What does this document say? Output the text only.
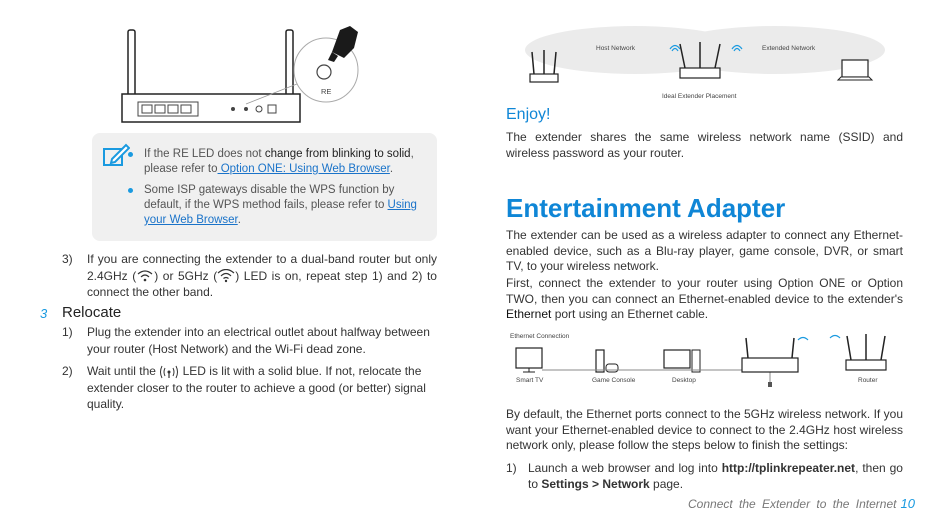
RE
If the RE LED does not change from blinking to solid, please refer to Option ONE: Using Web Browser.
Some ISP gateways disable the WPS function by default, if the WPS method fails, please refer to Using your Web Browser.
3) If you are connecting the extender to a dual-band router but only 2.4GHz ( ) or 5GHz ( ) LED is on, repeat step 1) and 2) to connect the other band.
3 Relocate
1) Plug the extender into an electrical outlet about halfway between your router (Host Network) and the Wi-Fi dead zone.
2) Wait until the  LED is lit with a solid blue. If not, relocate the extender closer to the router to achieve a good (or better) signal quality.
Host Network	Extended Network
Ideal Extender Placement
Enjoy!

The extender shares the same wireless network name (SSID) and wireless password as your router.

Entertainment Adapter

The extender can be used as a wireless adapter to connect any Ethernet-enabled device, such as a Blu-ray player, game console, DVR, or smart TV, to your wireless network.

First, connect the extender to your router using Option ONE or Option TWO, then you can connect an Ethernet-enabled device to the extender's Ethernet port using an Ethernet cable.

Ethernet Connection
Smart TV	Game Console	Desktop	Router

By default, the Ethernet ports connect to the 5GHz wireless network. If you want your Ethernet-enabled device to connect to the 2.4GHz host wireless network only, please follow the steps below to finish the settings:

1) Launch a web browser and log into http://tplinkrepeater.net, then go to Settings > Network page.
Connect the Extender to the Internet 10
